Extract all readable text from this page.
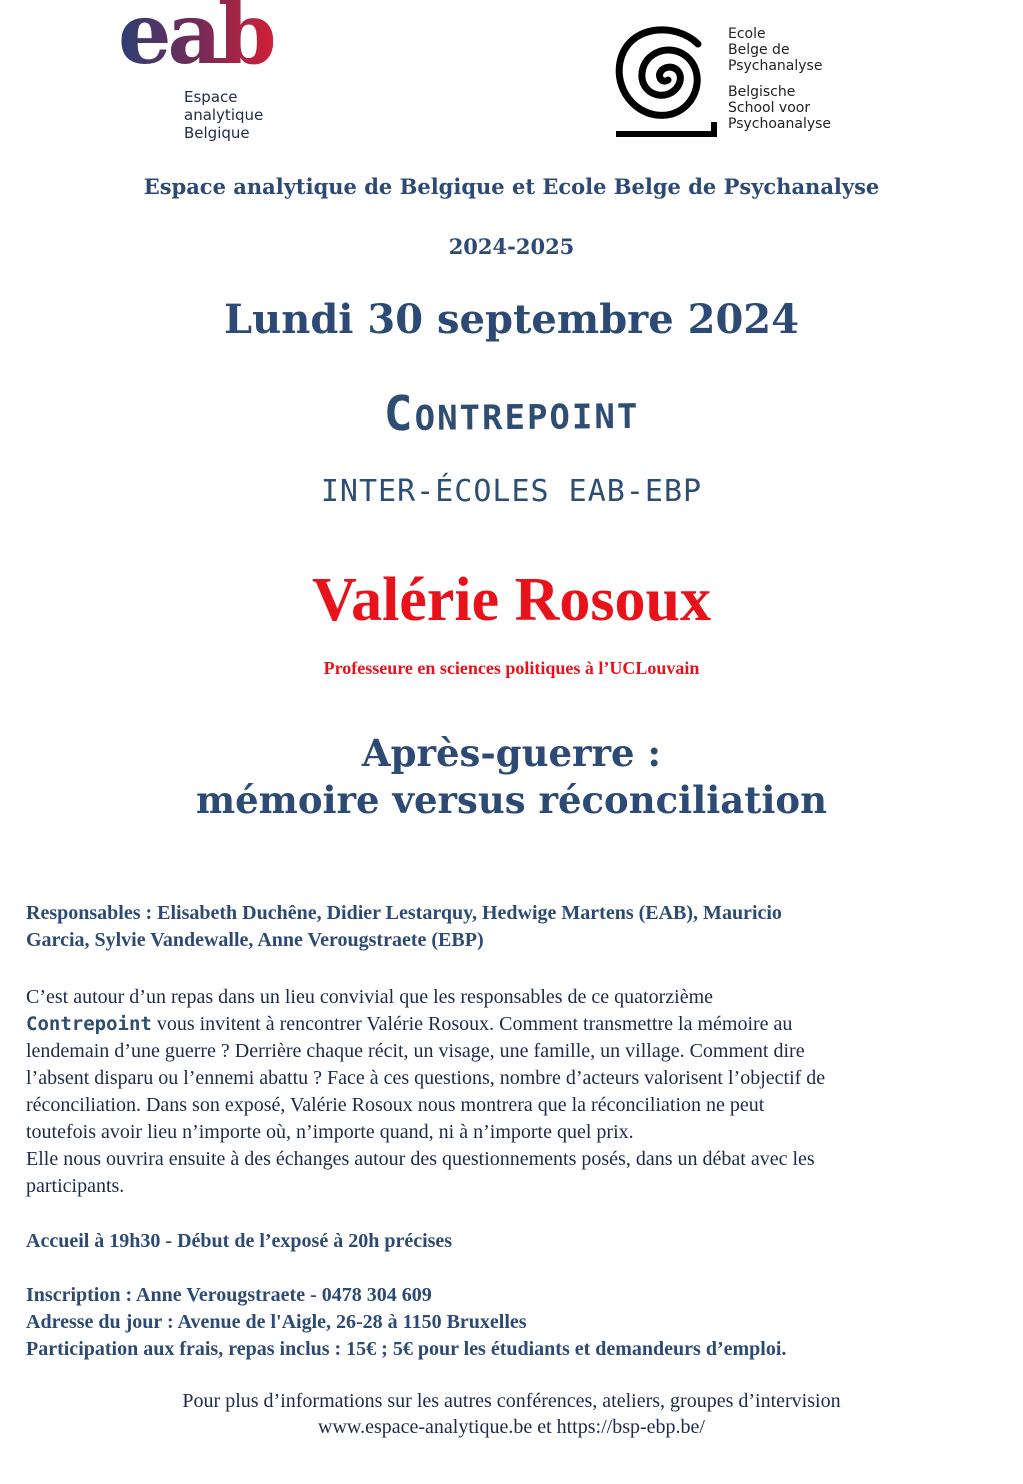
eab
Espace
analytique
Belgique
Ecole
Belge de
Psychanalyse
Belgische
School voor
Psychoanalyse
Espace analytique de Belgique et Ecole Belge de Psychanalyse
2024-2025
Lundi 30 septembre 2024
Contrepoint
INTER-ÉCOLES EAB-EBP
Valérie Rosoux
Professeure en sciences politiques à l’UCLouvain
Après-guerre :
mémoire versus réconciliation
Responsables : Elisabeth Duchêne, Didier Lestarquy, Hedwige Martens (EAB), Mauricio
Garcia, Sylvie Vandewalle, Anne Verougstraete (EBP)
C’est autour d’un repas dans un lieu convivial que les responsables de ce quatorzième
Contrepoint vous invitent à rencontrer Valérie Rosoux. Comment transmettre la mémoire au
lendemain d’une guerre ? Derrière chaque récit, un visage, une famille, un village. Comment dire
l’absent disparu ou l’ennemi abattu ? Face à ces questions, nombre d’acteurs valorisent l’objectif de
réconciliation. Dans son exposé, Valérie Rosoux nous montrera que la réconciliation ne peut
toutefois avoir lieu n’importe où, n’importe quand, ni à n’importe quel prix.
Elle nous ouvrira ensuite à des échanges autour des questionnements posés, dans un débat avec les
participants.
Accueil à 19h30 - Début de l’exposé à 20h précises
Inscription : Anne Verougstraete - 0478 304 609
Adresse du jour : Avenue de l'Aigle, 26-28 à 1150 Bruxelles
Participation aux frais, repas inclus : 15€ ; 5€ pour les étudiants et demandeurs d’emploi.
Pour plus d’informations sur les autres conférences, ateliers, groupes d’intervision
www.espace-analytique.be et https://bsp-ebp.be/
